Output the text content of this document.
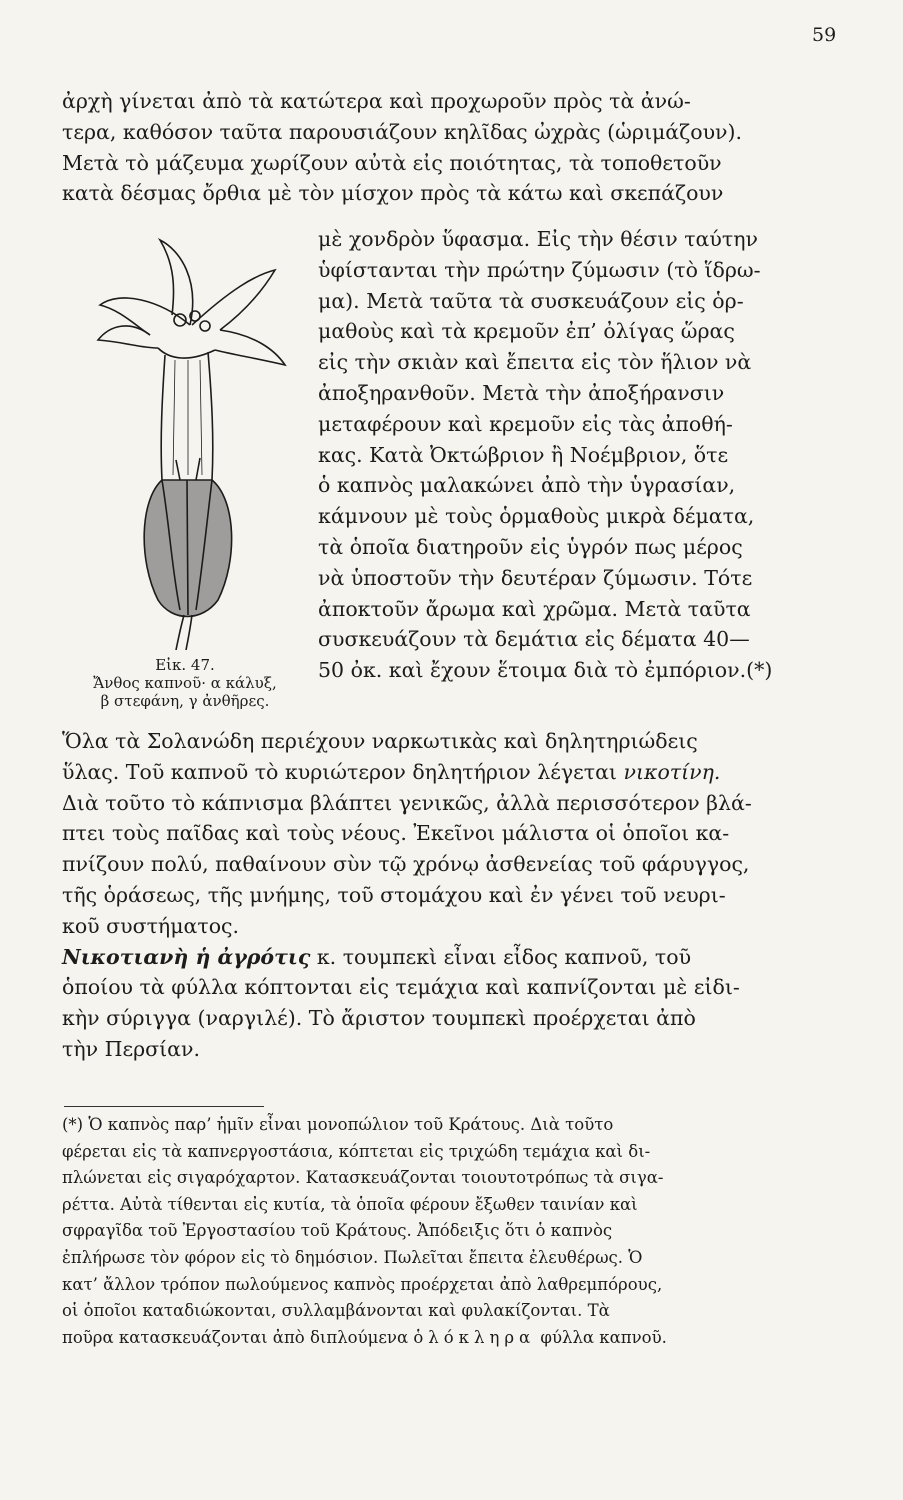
59
ἀρχὴ γίνεται ἀπὸ τὰ κατώτερα καὶ προχωροῦν πρὸς τὰ ἀνώ-
τερα, καθόσον ταῦτα παρουσιάζουν κηλῖδας ὠχρὰς (ὡριμάζουν).
Μετὰ τὸ μάζευμα χωρίζουν αὐτὰ εἰς ποιότητας, τὰ τοποθετοῦν
κατὰ δέσμας ὄρθια μὲ τὸν μίσχον πρὸς τὰ κάτω καὶ σκεπάζουν
Εἰκ. 47.
Ἄνθος καπνοῦ· α κάλυξ,
β στεφάνη, γ ἀνθῆρες.
μὲ χονδρὸν ὕφασμα. Εἰς τὴν θέσιν ταύτην
ὑφίστανται τὴν πρώτην ζύμωσιν (τὸ ἵδρω-
μα). Μετὰ ταῦτα τὰ συσκευάζουν εἰς ὁρ-
μαθοὺς καὶ τὰ κρεμοῦν ἐπ’ ὀλίγας ὥρας
εἰς τὴν σκιὰν καὶ ἔπειτα εἰς τὸν ἥλιον νὰ
ἀποξηρανθοῦν. Μετὰ τὴν ἀποξήρανσιν
μεταφέρουν καὶ κρεμοῦν εἰς τὰς ἀποθή-
κας. Κατὰ Ὀκτώβριον ἢ Νοέμβριον, ὅτε
ὁ καπνὸς μαλακώνει ἀπὸ τὴν ὑγρασίαν,
κάμνουν μὲ τοὺς ὁρμαθοὺς μικρὰ δέματα,
τὰ ὁποῖα διατηροῦν εἰς ὑγρόν πως μέρος
νὰ ὑποστοῦν τὴν δευτέραν ζύμωσιν. Τότε
ἀποκτοῦν ἄρωμα καὶ χρῶμα. Μετὰ ταῦτα
συσκευάζουν τὰ δεμάτια εἰς δέματα 40—
50 ὀκ. καὶ ἔχουν ἕτοιμα διὰ τὸ ἐμπόριον.(*)
Ὅλα τὰ Σολανώδη περιέχουν ναρκωτικὰς καὶ δηλητηριώδεις
ὕλας. Τοῦ καπνοῦ τὸ κυριώτερον δηλητήριον λέγεται νικοτίνη.
Διὰ τοῦτο τὸ κάπνισμα βλάπτει γενικῶς, ἀλλὰ περισσότερον βλά-
πτει τοὺς παῖδας καὶ τοὺς νέους. Ἐκεῖνοι μάλιστα οἱ ὁποῖοι κα-
πνίζουν πολύ, παθαίνουν σὺν τῷ χρόνῳ ἀσθενείας τοῦ φάρυγγος,
τῆς ὁράσεως, τῆς μνήμης, τοῦ στομάχου καὶ ἐν γένει τοῦ νευρι-
κοῦ συστήματος.
Νικοτιανὴ ἡ ἀγρότις κ. τουμπεκὶ εἶναι εἶδος καπνοῦ, τοῦ
ὁποίου τὰ φύλλα κόπτονται εἰς τεμάχια καὶ καπνίζονται μὲ εἰδι-
κὴν σύριγγα (ναργιλέ). Τὸ ἄριστον τουμπεκὶ προέρχεται ἀπὸ
τὴν Περσίαν.
(*) Ὁ καπνὸς παρ’ ἡμῖν εἶναι μονοπώλιον τοῦ Κράτους. Διὰ τοῦτο
φέρεται εἰς τὰ καπνεργοστάσια, κόπτεται εἰς τριχώδη τεμάχια καὶ δι-
πλώνεται εἰς σιγαρόχαρτον. Κατασκευάζονται τοιουτοτρόπως τὰ σιγα-
ρέττα. Αὐτὰ τίθενται εἰς κυτία, τὰ ὁποῖα φέρουν ἔξωθεν ταινίαν καὶ
σφραγῖδα τοῦ Ἐργοστασίου τοῦ Κράτους. Ἀπόδειξις ὅτι ὁ καπνὸς
ἐπλήρωσε τὸν φόρον εἰς τὸ δημόσιον. Πωλεῖται ἔπειτα ἐλευθέρως. Ὁ
κατ’ ἄλλον τρόπον πωλούμενος καπνὸς προέρχεται ἀπὸ λαθρεμπόρους,
οἱ ὁποῖοι καταδιώκονται, συλλαμβάνονται καὶ φυλακίζονται. Τὰ
ποῦρα κατασκευάζονται ἀπὸ διπλούμενα ὁλόκληρα φύλλα καπνοῦ.
